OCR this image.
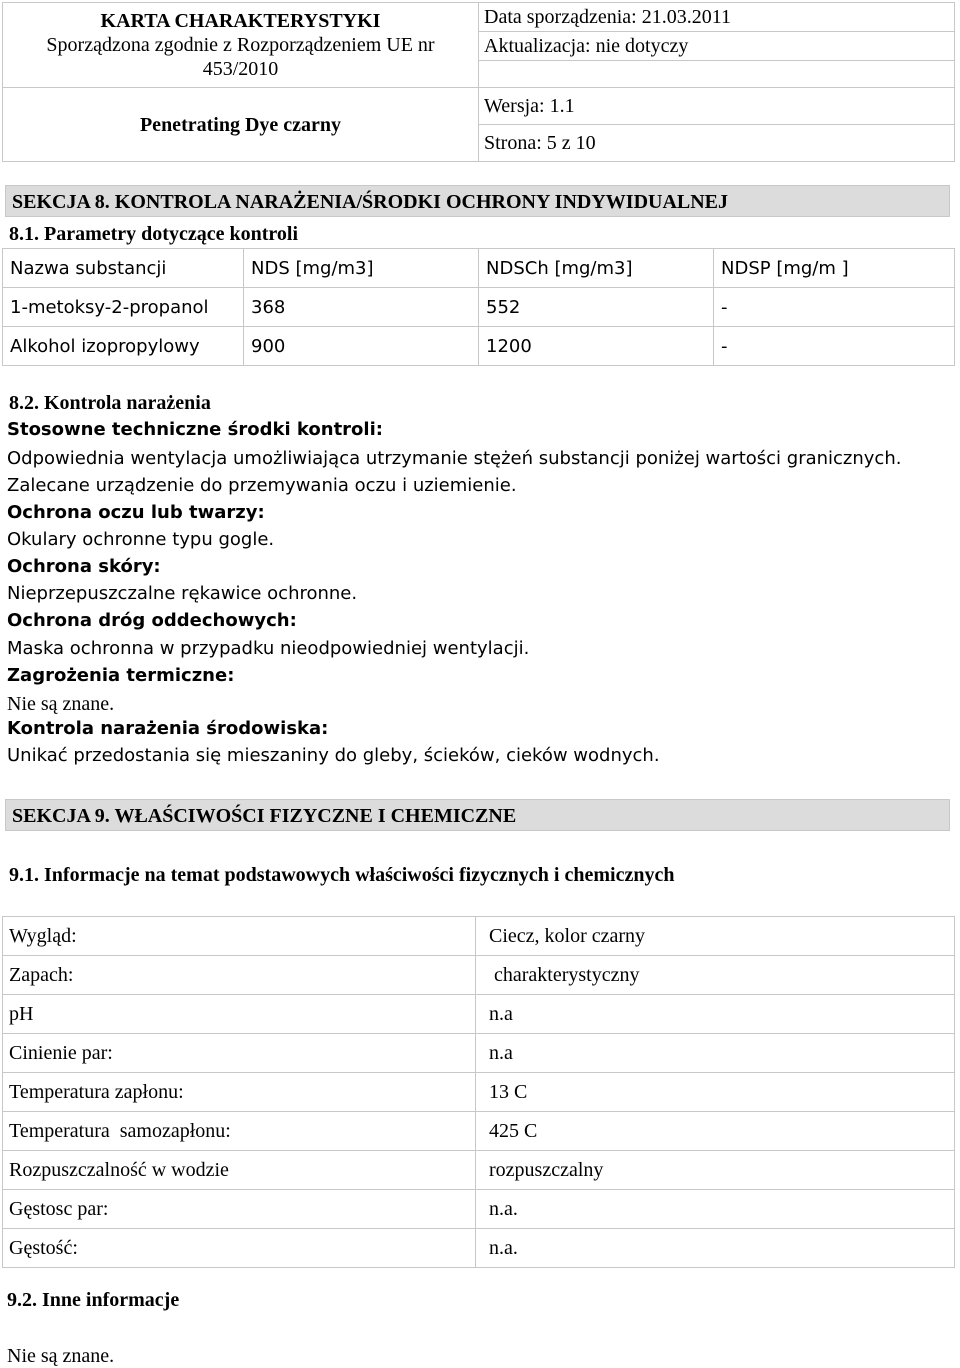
KARTA CHARAKTERYSTYKI
Sporządzona zgodnie z Rozporządzeniem UE nr
453/2010	Data sporządzenia: 21.03.2011
	Aktualizacja: nie dotyczy

Penetrating Dye czarny	Wersja: 1.1
	Strona: 5 z 10
SEKCJA 8. KONTROLA NARAŻENIA/ŚRODKI OCHRONY INDYWIDUALNEJ
8.1. Parametry dotyczące kontroli
Nazwa substancji	NDS [mg/m3]	NDSCh [mg/m3]	NDSP [mg/m ]
1-metoksy-2-propanol	368	552	-
Alkohol izopropylowy	900	1200	-
8.2. Kontrola narażenia
Stosowne techniczne środki kontroli:
Odpowiednia wentylacja umożliwiająca utrzymanie stężeń substancji poniżej wartości granicznych.
Zalecane urządzenie do przemywania oczu i uziemienie.
Ochrona oczu lub twarzy:
Okulary ochronne typu gogle.
Ochrona skóry:
Nieprzepuszczalne rękawice ochronne.
Ochrona dróg oddechowych:
Maska ochronna w przypadku nieodpowiedniej wentylacji.
Zagrożenia termiczne:
Nie są znane.
Kontrola narażenia środowiska:
Unikać przedostania się mieszaniny do gleby, ścieków, cieków wodnych.
SEKCJA 9. WŁAŚCIWOŚCI FIZYCZNE I CHEMICZNE
9.1. Informacje na temat podstawowych właściwości fizycznych i chemicznych
Wygląd:	Ciecz, kolor czarny
Zapach:	charakterystyczny
pH	n.a
Cinienie par:	n.a
Temperatura zapłonu:	13 C
Temperatura  samozapłonu:	425 C
Rozpuszczalność w wodzie	rozpuszczalny
Gęstosc par:	n.a.
Gęstość:	n.a.
9.2. Inne informacje
Nie są znane.
